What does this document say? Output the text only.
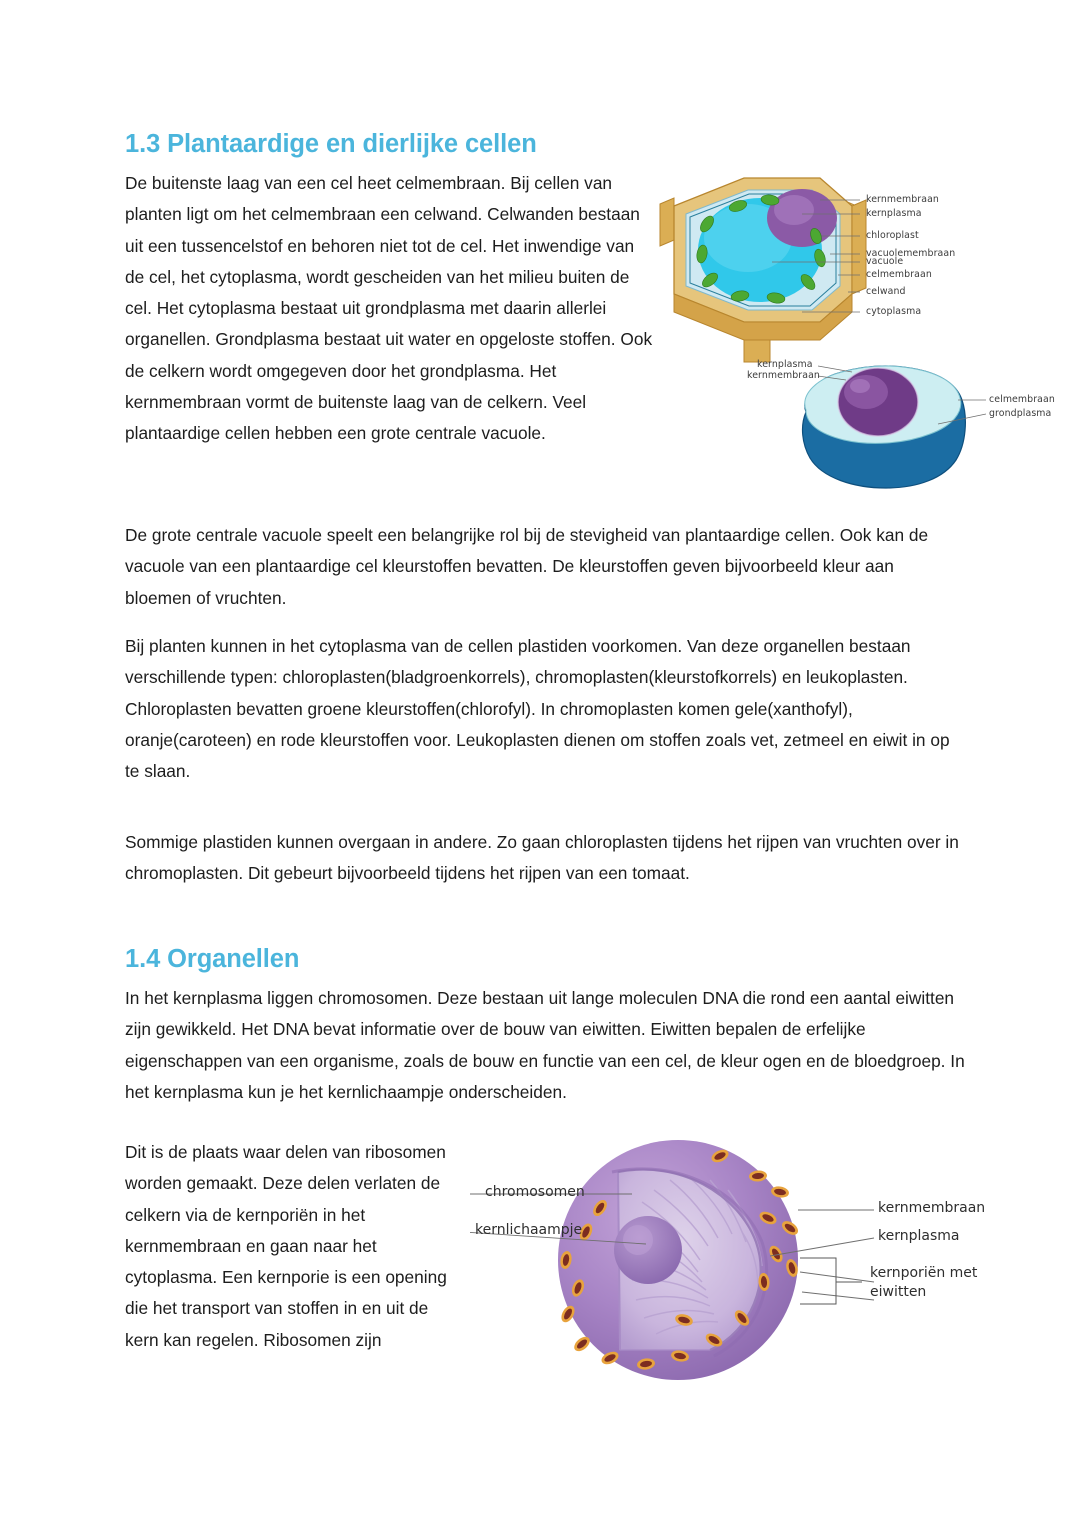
1.3 Plantaardige en dierlijke cellen
De buitenste laag van een cel heet celmembraan. Bij cellen van planten ligt om het celmembraan een celwand. Celwanden bestaan uit een tussencelstof en behoren niet tot de cel. Het inwendige van de cel, het cytoplasma, wordt gescheiden van het milieu buiten de cel. Het cytoplasma bestaat uit grondplasma met daarin allerlei organellen. Grondplasma bestaat uit water en opgeloste stoffen. Ook de celkern wordt omgegeven door het grondplasma. Het kernmembraan vormt de buitenste laag van de celkern. Veel plantaardige cellen hebben een grote centrale vacuole.
kernmembraan
kernplasma
chloroplast
vacuolemembraan
vacuole
celmembraan
celwand
cytoplasma
kernplasma
kernmembraan
celmembraan
grondplasma
De grote centrale vacuole speelt een belangrijke rol bij de stevigheid van plantaardige cellen. Ook kan de vacuole van een plantaardige cel kleurstoffen bevatten. De kleurstoffen geven bijvoorbeeld kleur aan bloemen of vruchten.
Bij planten kunnen in het cytoplasma van de cellen plastiden voorkomen. Van deze organellen bestaan verschillende typen: chloroplasten(bladgroenkorrels), chromoplasten(kleurstofkorrels) en leukoplasten. Chloroplasten bevatten groene kleurstoffen(chlorofyl). In chromoplasten komen gele(xanthofyl), oranje(caroteen) en rode kleurstoffen voor. Leukoplasten dienen om stoffen zoals vet, zetmeel en eiwit in op te slaan.
Sommige plastiden kunnen overgaan in andere. Zo gaan chloroplasten tijdens het rijpen van vruchten over in chromoplasten. Dit gebeurt bijvoorbeeld tijdens het rijpen van een tomaat.
1.4 Organellen
In het kernplasma liggen chromosomen. Deze bestaan uit lange moleculen DNA die rond een aantal eiwitten zijn gewikkeld. Het DNA bevat informatie over de bouw van eiwitten. Eiwitten bepalen de erfelijke eigenschappen van een organisme, zoals de bouw en functie van een cel, de kleur ogen en de bloedgroep. In het kernplasma kun je het kernlichaampje onderscheiden.
Dit is de plaats waar delen van ribosomen worden gemaakt. Deze delen verlaten de celkern via de kernporiën in het kernmembraan en gaan naar het cytoplasma. Een kernporie is een opening die het transport van stoffen in en uit de kern kan regelen. Ribosomen zijn
chromosomen
kernlichaampje
kernmembraan
kernplasma
kernporiën met eiwitten
